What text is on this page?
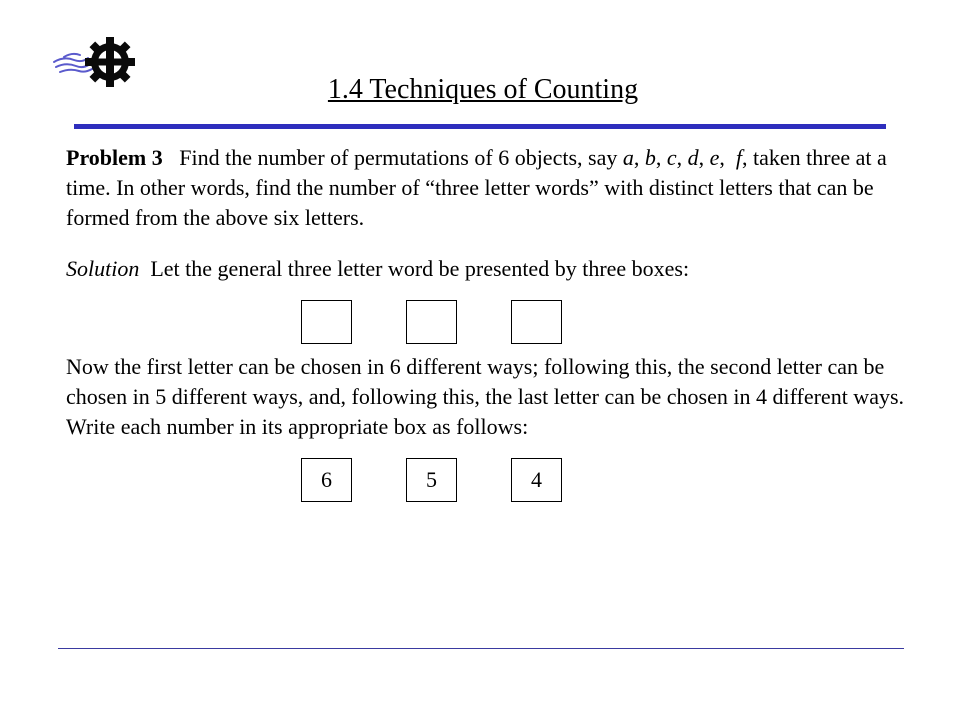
1.4 Techniques of Counting

Problem 3 Find the number of permutations of 6 objects, say a, b, c, d, e,  f, taken three at a time. In other words, find the number of “three letter words” with distinct letters that can be formed from the above six letters.

Solution Let the general three letter word be presented by three boxes:

Now the first letter can be chosen in 6 different ways; following this, the second letter can be chosen in 5 different ways, and, following this, the last letter can be chosen in 4 different ways. Write each number in its appropriate box as follows:

6	5	4
